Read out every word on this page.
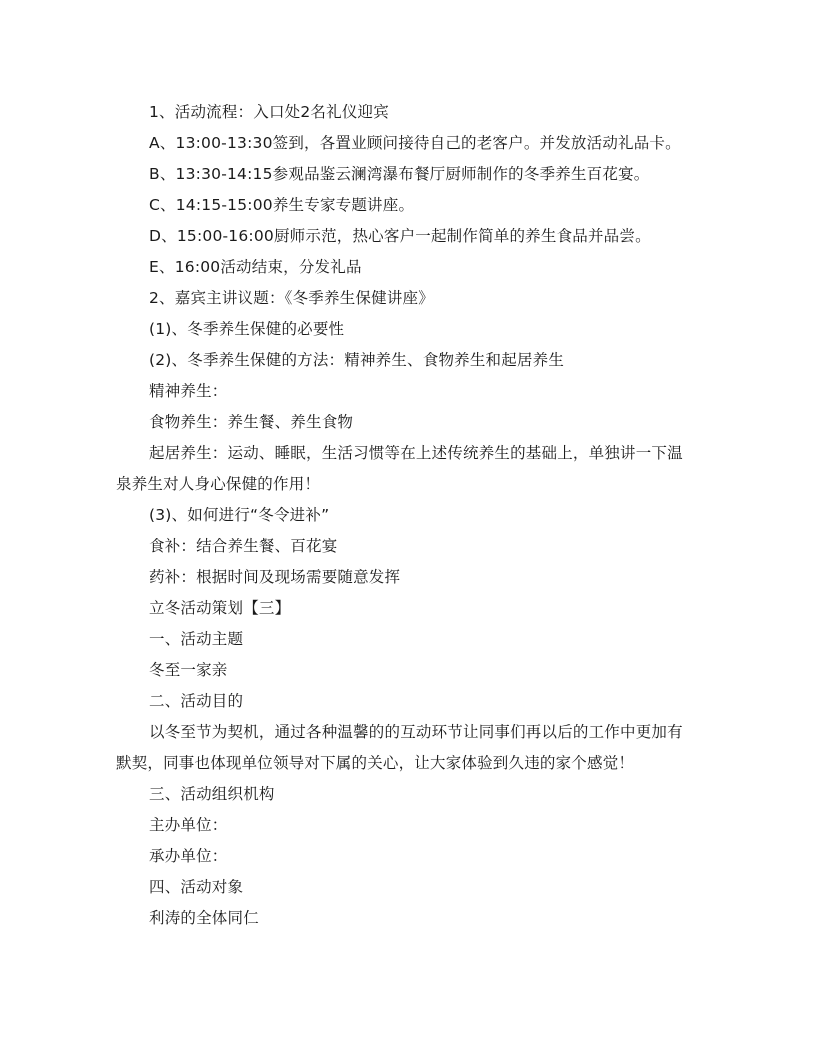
1、活动流程：入口处2名礼仪迎宾
A、13:00-13:30签到，各置业顾问接待自己的老客户。并发放活动礼品卡。
B、13:30-14:15参观品鉴云澜湾瀑布餐厅厨师制作的冬季养生百花宴。
C、14:15-15:00养生专家专题讲座。
D、15:00-16:00厨师示范，热心客户一起制作简单的养生食品并品尝。
E、16:00活动结束，分发礼品
2、嘉宾主讲议题：《冬季养生保健讲座》
(1)、冬季养生保健的必要性
(2)、冬季养生保健的方法：精神养生、食物养生和起居养生
精神养生：
食物养生：养生餐、养生食物

起居养生：运动、睡眠，生活习惯等在上述传统养生的基础上，单独讲一下温
泉养生对人身心保健的作用！

(3)、如何进行“冬令进补”
食补：结合养生餐、百花宴
药补：根据时间及现场需要随意发挥
立冬活动策划【三】
一、活动主题
冬至一家亲
二、活动目的

以冬至节为契机，通过各种温馨的的互动环节让同事们再以后的工作中更加有
默契，同事也体现单位领导对下属的关心，让大家体验到久违的家个感觉！

三、活动组织机构
主办单位：
承办单位：
四、活动对象
利涛的全体同仁
